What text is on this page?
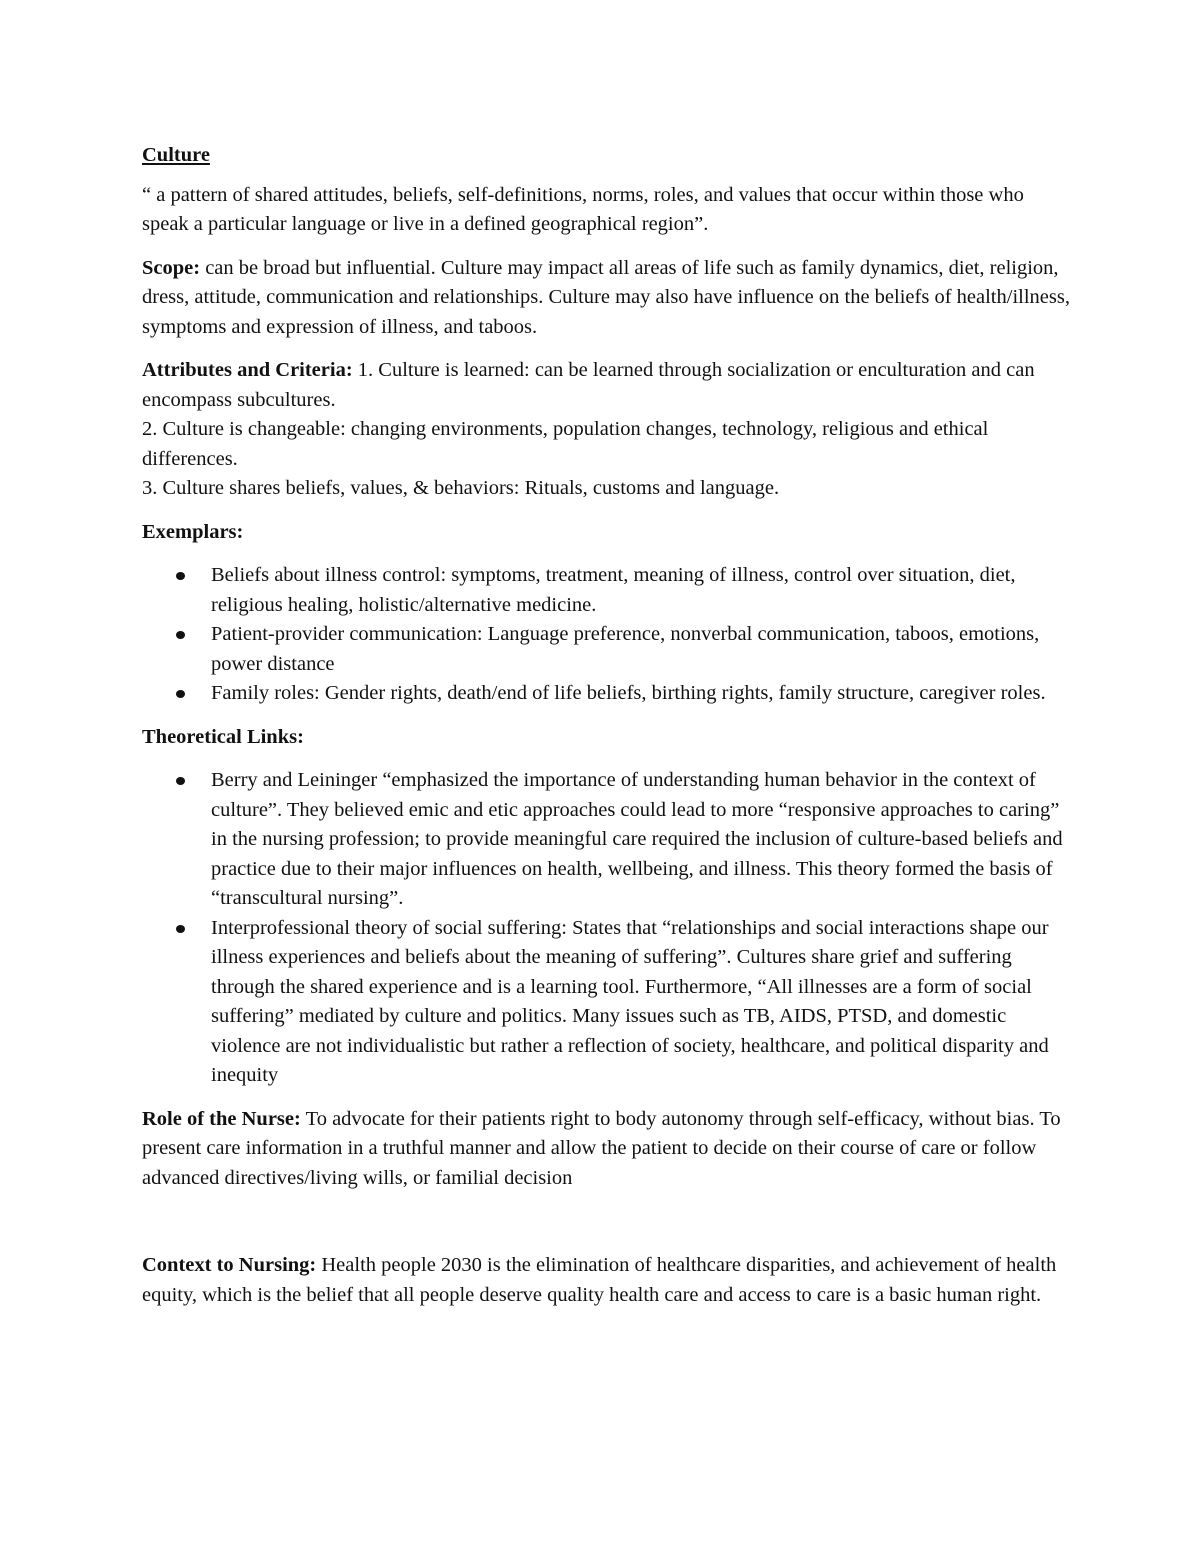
Culture

“ a pattern of shared attitudes, beliefs, self-definitions, norms, roles, and values that occur within those who speak a particular language or live in a defined geographical region”.

Scope: can be broad but influential. Culture may impact all areas of life such as family dynamics, diet, religion, dress, attitude, communication and relationships. Culture may also have influence on the beliefs of health/illness, symptoms and expression of illness, and taboos.

Attributes and Criteria: 1. Culture is learned: can be learned through socialization or enculturation and can encompass subcultures.
2. Culture is changeable: changing environments, population changes, technology, religious and ethical differences.
3. Culture shares beliefs, values, & behaviors: Rituals, customs and language.

Exemplars:
Beliefs about illness control: symptoms, treatment, meaning of illness, control over situation, diet, religious healing, holistic/alternative medicine.
Patient-provider communication: Language preference, nonverbal communication, taboos, emotions, power distance
Family roles: Gender rights, death/end of life beliefs, birthing rights, family structure, caregiver roles.
Theoretical Links:
Berry and Leininger “emphasized the importance of understanding human behavior in the context of culture”. They believed emic and etic approaches could lead to more “responsive approaches to caring” in the nursing profession; to provide meaningful care required the inclusion of culture-based beliefs and practice due to their major influences on health, wellbeing, and illness. This theory formed the basis of “transcultural nursing”.
Interprofessional theory of social suffering: States that “relationships and social interactions shape our illness experiences and beliefs about the meaning of suffering”. Cultures share grief and suffering through the shared experience and is a learning tool. Furthermore, “All illnesses are a form of social suffering” mediated by culture and politics. Many issues such as TB, AIDS, PTSD, and domestic violence are not individualistic but rather a reflection of society, healthcare, and political disparity and inequity

Role of the Nurse: To advocate for their patients right to body autonomy through self-efficacy, without bias. To present care information in a truthful manner and allow the patient to decide on their course of care or follow advanced directives/living wills, or familial decision

Context to Nursing: Health people 2030 is the elimination of healthcare disparities, and achievement of health equity, which is the belief that all people deserve quality health care and access to care is a basic human right.
